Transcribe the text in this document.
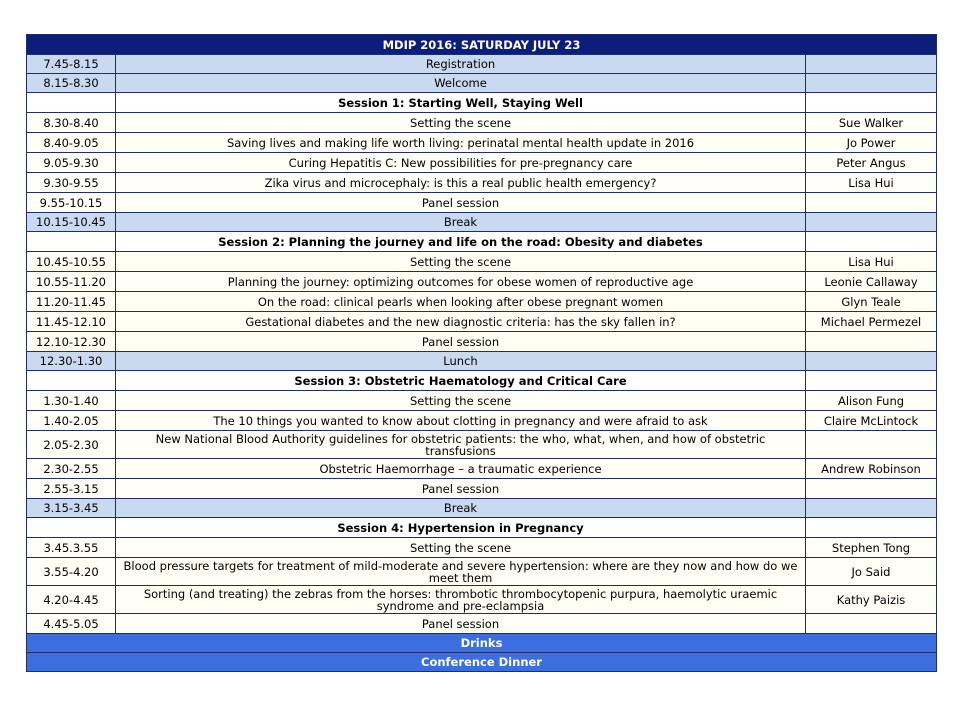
MDIP 2016: SATURDAY JULY 23		
7.45-8.15	Registration	
8.15-8.30	Welcome	
	Session 1: Starting Well, Staying Well	
8.30-8.40	Setting the scene	Sue Walker
8.40-9.05	Saving lives and making life worth living: perinatal mental health update in 2016	Jo Power
9.05-9.30	Curing Hepatitis C: New possibilities for pre-pregnancy care	Peter Angus
9.30-9.55	Zika virus and microcephaly: is this a real public health emergency?	Lisa Hui
9.55-10.15	Panel session	
10.15-10.45	Break	
	Session 2: Planning the journey and life on the road: Obesity and diabetes	
10.45-10.55	Setting the scene	Lisa Hui
10.55-11.20	Planning the journey: optimizing outcomes for obese women of reproductive age	Leonie Callaway
11.20-11.45	On the road: clinical pearls when looking after obese pregnant women	Glyn Teale
11.45-12.10	Gestational diabetes and the new diagnostic criteria: has the sky fallen in?	Michael Permezel
12.10-12.30	Panel session	
12.30-1.30	Lunch	
	Session 3: Obstetric Haematology and Critical Care	
1.30-1.40	Setting the scene	Alison Fung
1.40-2.05	The 10 things you wanted to know about clotting in pregnancy and were afraid to ask	Claire McLintock
2.05-2.30	New National Blood Authority guidelines for obstetric patients: the who, what, when, and how of obstetric transfusions	
2.30-2.55	Obstetric Haemorrhage – a traumatic experience	Andrew Robinson
2.55-3.15	Panel session	
3.15-3.45	Break	
	Session 4: Hypertension in Pregnancy	
3.45.3.55	Setting the scene	Stephen Tong
3.55-4.20	Blood pressure targets for treatment of mild-moderate and severe hypertension: where are they now and how do we meet them	Jo Said
4.20-4.45	Sorting (and treating) the zebras from the horses: thrombotic thrombocytopenic purpura, haemolytic uraemic syndrome and pre-eclampsia	Kathy Paizis
4.45-5.05	Panel session	
Drinks		
Conference Dinner		
